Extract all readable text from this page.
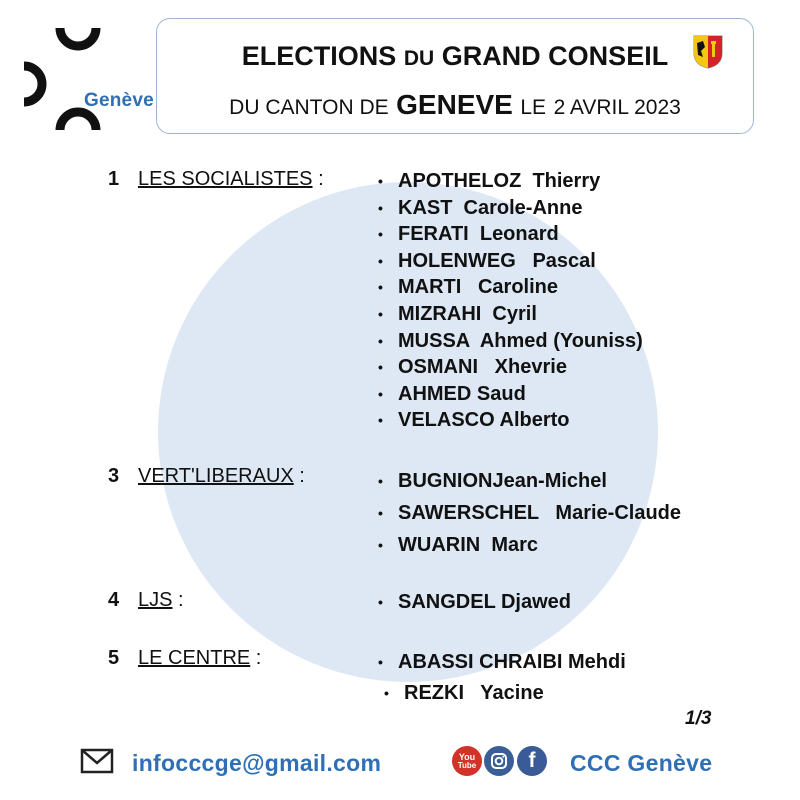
Genève
ELECTIONS DU GRAND CONSEIL
DU CANTON DE GENEVE LE 2 AVRIL 2023
1 LES SOCIALISTES :	• APOTHELOZ  Thierry
• KAST  Carole-Anne
• FERATI  Leonard
• HOLENWEG   Pascal
• MARTI   Caroline
• MIZRAHI  Cyril
• MUSSA  Ahmed (Youniss)
• OSMANI   Xhevrie
• AHMED Saud
• VELASCO Alberto
3 VERT'LIBERAUX :	• BUGNIONJean-Michel
• SAWERSCHEL   Marie-Claude
• WUARIN  Marc
4 LJS :	• SANGDEL Djawed
5 LE CENTRE :	• ABASSI CHRAIBI Mehdi
• REZKI   Yacine
1/3
infocccge@gmail.com	You
Tube	f	CCC Genève
